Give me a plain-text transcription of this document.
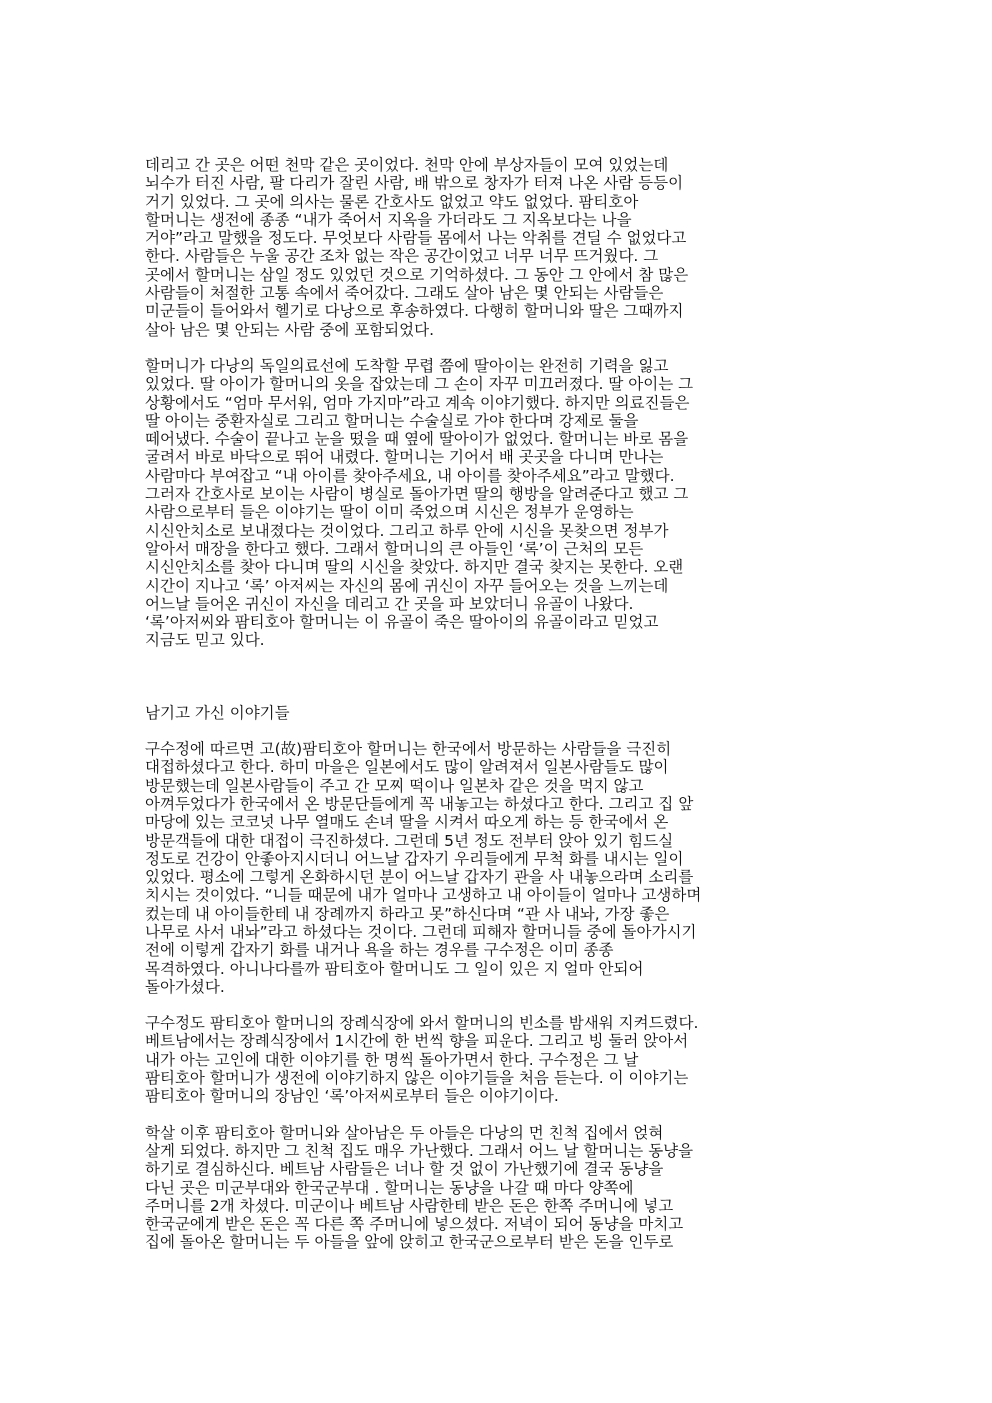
데리고 간 곳은 어떤 천막 같은 곳이었다. 천막 안에 부상자들이 모여 있었는데
뇌수가 터진 사람, 팔 다리가 잘린 사람, 배 밖으로 창자가 터져 나온 사람 등등이
거기 있었다. 그 곳에 의사는 물론 간호사도 없었고 약도 없었다. 팜티호아
할머니는 생전에 종종 “내가 죽어서 지옥을 가더라도 그 지옥보다는 나을
거야”라고 말했을 정도다. 무엇보다 사람들 몸에서 나는 악취를 견딜 수 없었다고
한다. 사람들은 누울 공간 조차 없는 작은 공간이었고 너무 너무 뜨거웠다. 그
곳에서 할머니는 삼일 정도 있었던 것으로 기억하셨다. 그 동안 그 안에서 참 많은
사람들이 처절한 고통 속에서 죽어갔다. 그래도 살아 남은 몇 안되는 사람들은
미군들이 들어와서 헬기로 다낭으로 후송하였다. 다행히 할머니와 딸은 그때까지
살아 남은 몇 안되는 사람 중에 포함되었다.
할머니가 다낭의 독일의료선에 도착할 무렵 쯤에 딸아이는 완전히 기력을 잃고
있었다. 딸 아이가 할머니의 옷을 잡았는데 그 손이 자꾸 미끄러졌다. 딸 아이는 그
상황에서도 “엄마 무서워, 엄마 가지마”라고 계속 이야기했다. 하지만 의료진들은
딸 아이는 중환자실로 그리고 할머니는 수술실로 가야 한다며 강제로 둘을
떼어냈다. 수술이 끝나고 눈을 떴을 때 옆에 딸아이가 없었다. 할머니는 바로 몸을
굴려서 바로 바닥으로 뛰어 내렸다. 할머니는 기어서 배 곳곳을 다니며 만나는
사람마다 부여잡고 “내 아이를 찾아주세요, 내 아이를 찾아주세요”라고 말했다.
그러자 간호사로 보이는 사람이 병실로 돌아가면 딸의 행방을 알려준다고 했고 그
사람으로부터 들은 이야기는 딸이 이미 죽었으며 시신은 정부가 운영하는
시신안치소로 보내졌다는 것이었다. 그리고 하루 안에 시신을 못찾으면 정부가
알아서 매장을 한다고 했다. 그래서 할머니의 큰 아들인 ‘록’이 근처의 모든
시신안치소를 찾아 다니며 딸의 시신을 찾았다. 하지만 결국 찾지는 못한다. 오랜
시간이 지나고 ‘록’ 아저씨는 자신의 몸에 귀신이 자꾸 들어오는 것을 느끼는데
어느날 들어온 귀신이 자신을 데리고 간 곳을 파 보았더니 유골이 나왔다.
‘록’아저씨와 팜티호아 할머니는 이 유골이 죽은 딸아이의 유골이라고 믿었고
지금도 믿고 있다.

남기고 가신 이야기들

구수정에 따르면 고(故)팜티호아 할머니는 한국에서 방문하는 사람들을 극진히
대접하셨다고 한다. 하미 마을은 일본에서도 많이 알려져서 일본사람들도 많이
방문했는데 일본사람들이 주고 간 모찌 떡이나 일본차 같은 것을 먹지 않고
아껴두었다가 한국에서 온 방문단들에게 꼭 내놓고는 하셨다고 한다. 그리고 집 앞
마당에 있는 코코넛 나무 열매도 손녀 딸을 시켜서 따오게 하는 등 한국에서 온
방문객들에 대한 대접이 극진하셨다. 그런데 5년 정도 전부터 앉아 있기 힘드실
정도로 건강이 안좋아지시더니 어느날 갑자기 우리들에게 무척 화를 내시는 일이
있었다. 평소에 그렇게 온화하시던 분이 어느날 갑자기 관을 사 내놓으라며 소리를
치시는 것이었다. “니들 때문에 내가 얼마나 고생하고 내 아이들이 얼마나 고생하며
컸는데 내 아이들한테 내 장례까지 하라고 못”하신다며 “관 사 내놔, 가장 좋은
나무로 사서 내놔”라고 하셨다는 것이다. 그런데 피해자 할머니들 중에 돌아가시기
전에 이렇게 갑자기 화를 내거나 욕을 하는 경우를 구수정은 이미 종종
목격하였다. 아니나다를까 팜티호아 할머니도 그 일이 있은 지 얼마 안되어
돌아가셨다.
구수정도 팜티호아 할머니의 장례식장에 와서 할머니의 빈소를 밤새워 지켜드렸다.
베트남에서는 장례식장에서 1시간에 한 번씩 향을 피운다. 그리고 빙 둘러 앉아서
내가 아는 고인에 대한 이야기를 한 명씩 돌아가면서 한다. 구수정은 그 날
팜티호아 할머니가 생전에 이야기하지 않은 이야기들을 처음 듣는다. 이 이야기는
팜티호아 할머니의 장남인 ‘록’아저씨로부터 들은 이야기이다.
학살 이후 팜티호아 할머니와 살아남은 두 아들은 다낭의 먼 친척 집에서 얹혀
살게 되었다. 하지만 그 친척 집도 매우 가난했다. 그래서 어느 날 할머니는 동냥을
하기로 결심하신다. 베트남 사람들은 너나 할 것 없이 가난했기에 결국 동냥을
다닌 곳은 미군부대와 한국군부대 . 할머니는 동냥을 나갈 때 마다 양쪽에
주머니를 2개 차셨다. 미군이나 베트남 사람한테 받은 돈은 한쪽 주머니에 넣고
한국군에게 받은 돈은 꼭 다른 쪽 주머니에 넣으셨다. 저녁이 되어 동냥을 마치고
집에 돌아온 할머니는 두 아들을 앞에 앉히고 한국군으로부터 받은 돈을 인두로
